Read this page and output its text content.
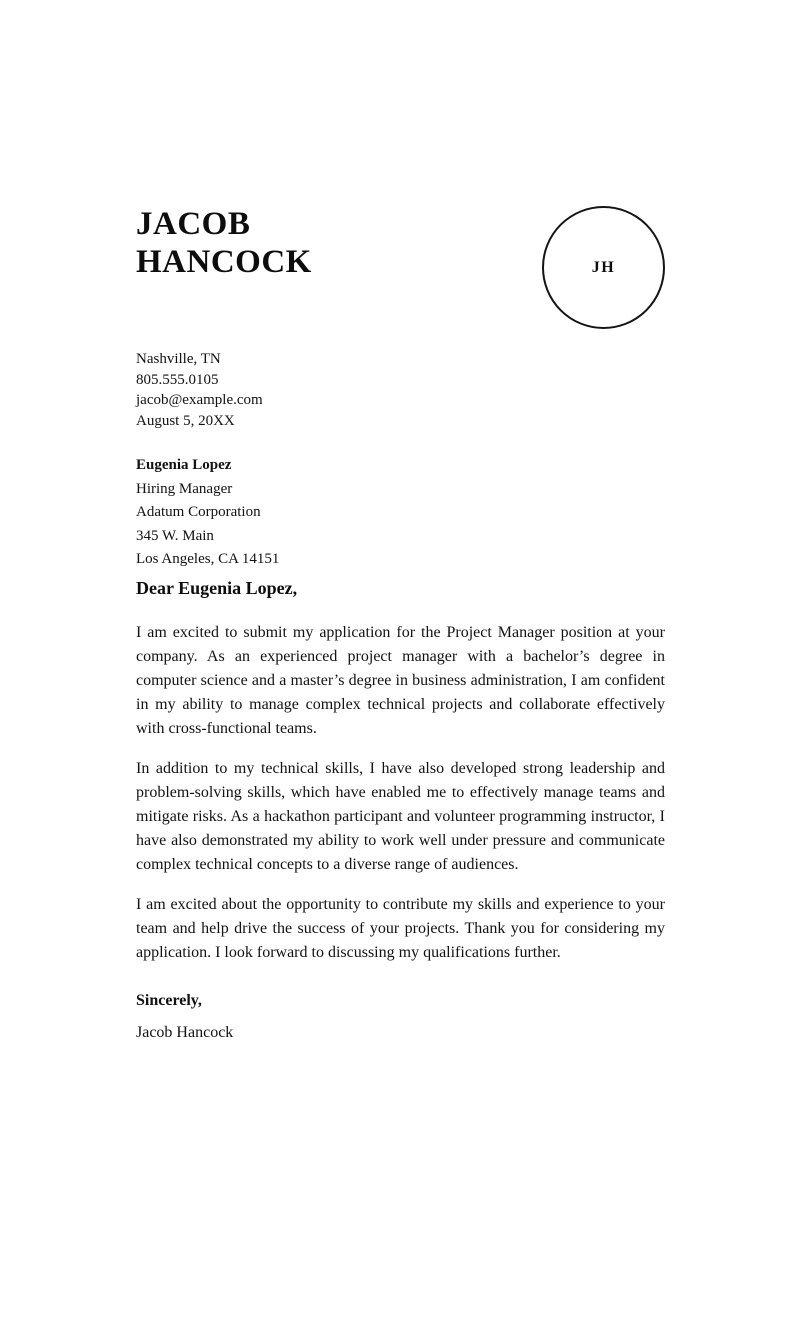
JACOB
HANCOCK	JH
Nashville, TN
805.555.0105
jacob@example.com
August 5, 20XX
Eugenia Lopez
Hiring Manager
Adatum Corporation
345 W. Main
Los Angeles, CA 14151
Dear Eugenia Lopez,

I am excited to submit my application for the Project Manager position at your company. As an experienced project manager with a bachelor’s degree in computer science and a master’s degree in business administration, I am confident in my ability to manage complex technical projects and collaborate effectively with cross-functional teams.

In addition to my technical skills, I have also developed strong leadership and problem-solving skills, which have enabled me to effectively manage teams and mitigate risks. As a hackathon participant and volunteer programming instructor, I have also demonstrated my ability to work well under pressure and communicate complex technical concepts to a diverse range of audiences.

I am excited about the opportunity to contribute my skills and experience to your team and help drive the success of your projects. Thank you for considering my application. I look forward to discussing my qualifications further.

Sincerely,
Jacob Hancock
